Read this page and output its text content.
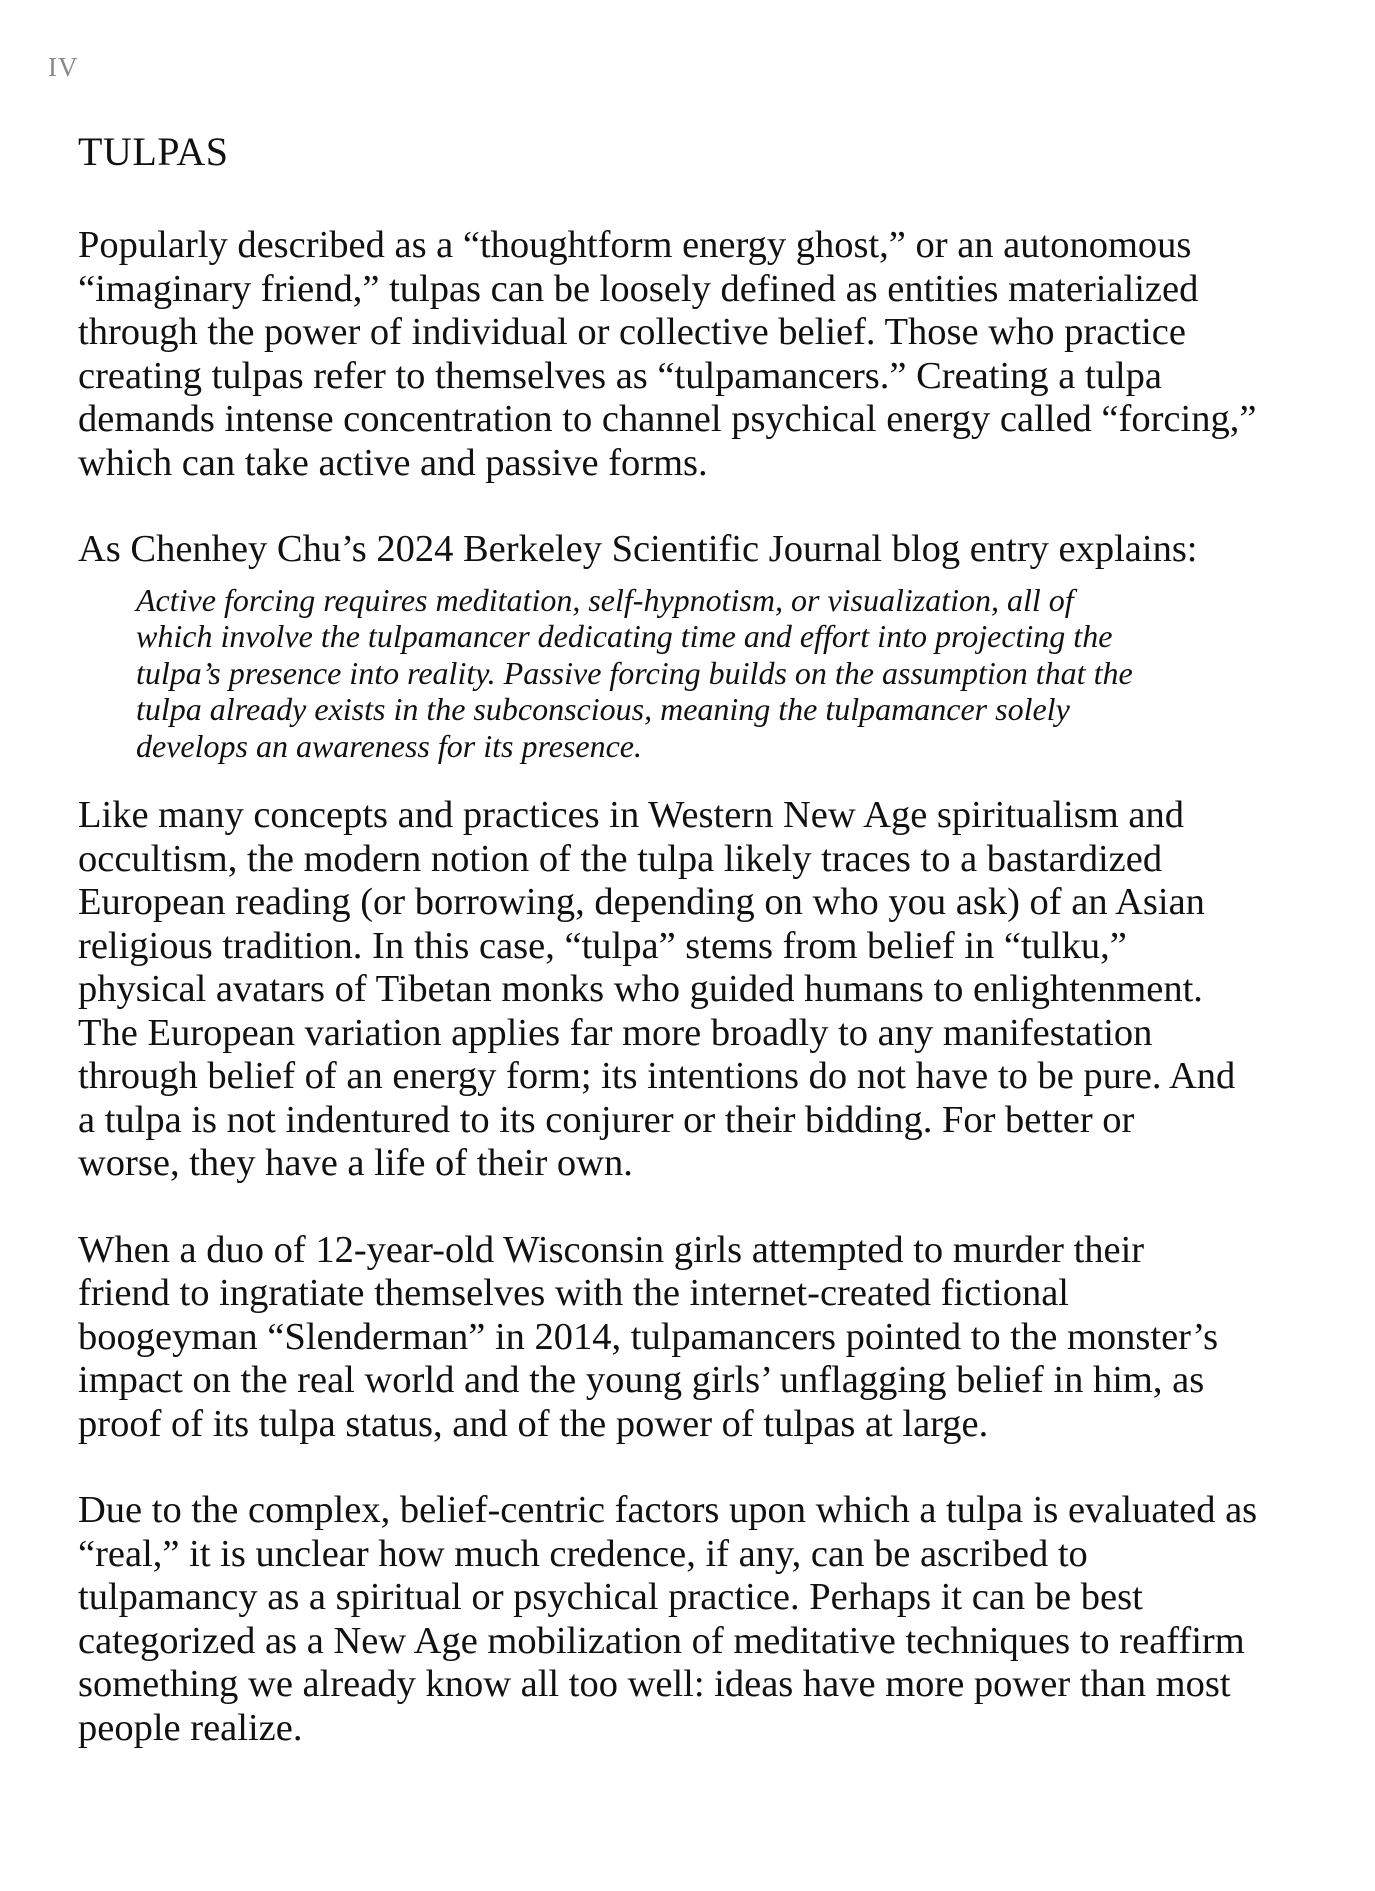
IV
TULPAS

Popularly described as a “thoughtform energy ghost,” or an autonomous
“imaginary friend,” tulpas can be loosely defined as entities materialized
through the power of individual or collective belief. Those who practice
creating tulpas refer to themselves as “tulpamancers.” Creating a tulpa
demands intense concentration to channel psychical energy called “forcing,”
which can take active and passive forms.

As Chenhey Chu’s 2024 Berkeley Scientific Journal blog entry explains:

Active forcing requires meditation, self-hypnotism, or visualization, all of
which involve the tulpamancer dedicating time and effort into projecting the
tulpa’s presence into reality. Passive forcing builds on the assumption that the
tulpa already exists in the subconscious, meaning the tulpamancer solely
develops an awareness for its presence.

Like many concepts and practices in Western New Age spiritualism and
occultism, the modern notion of the tulpa likely traces to a bastardized
European reading (or borrowing, depending on who you ask) of an Asian
religious tradition. In this case, “tulpa” stems from belief in “tulku,”
physical avatars of Tibetan monks who guided humans to enlightenment.
The European variation applies far more broadly to any manifestation
through belief of an energy form; its intentions do not have to be pure. And
a tulpa is not indentured to its conjurer or their bidding. For better or
worse, they have a life of their own.

When a duo of 12-year-old Wisconsin girls attempted to murder their
friend to ingratiate themselves with the internet-created fictional
boogeyman “Slenderman” in 2014, tulpamancers pointed to the monster’s
impact on the real world and the young girls’ unflagging belief in him, as
proof of its tulpa status, and of the power of tulpas at large.

Due to the complex, belief-centric factors upon which a tulpa is evaluated as
“real,” it is unclear how much credence, if any, can be ascribed to
tulpamancy as a spiritual or psychical practice. Perhaps it can be best
categorized as a New Age mobilization of meditative techniques to reaffirm
something we already know all too well: ideas have more power than most
people realize.
